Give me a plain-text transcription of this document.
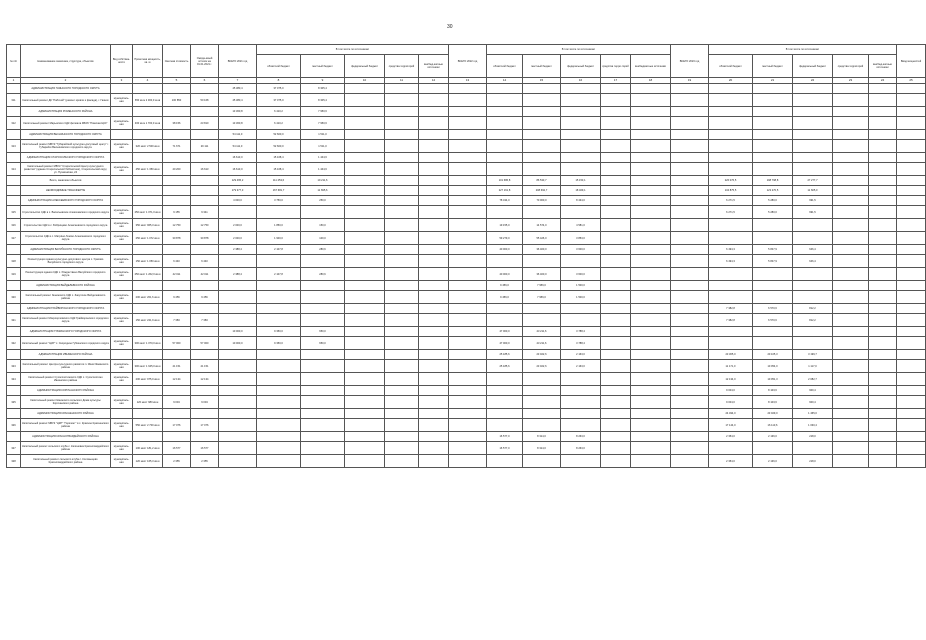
30
№ п/п	Наименование заказчика, структура, объектов	Вид собствен-ности	Проектная мощность, кв. м	Сметная стоимость	Ожида-емый остаток на 01.01.2021 г.	ВСЕГО 2021 год	В том числе по источникам:					ВСЕГО 2022 год	В том числе по источникам:					ВСЕГО 2023 год	В том числе по источникам:					Ввод мощностей	
							областной бюджет	местный бюджет	федеральный бюджет	средства территорий	внебюд-жетные источники		областной бюджет	местный бюджет	федеральный бюджет	средства терри-торий	внебюджетные источники		областной бюджет	местный бюджет	федеральный бюджет	средства территорий	внебюд-жетные источники		
1	2	3	4	5	6	7	8	9	10	11	12	13	14	15	16	17	18	19	20	21	22	23	24	25	
	АДМИНИСТРАЦИЯ ГАЯНСКОГО ГОРОДСКОГО ОКРУГА					45 380,4	37 075,0	8 305,4																	
311	Капитальный ремонт ДК "Рабочий" (ремонт кровли и фасада), г. Гаянск	муниципаль-ная	650 кв.м 2 300,0 м.кв	100 850	50 168	45 380,4	37 075,0	8 305,4																	
	АДМИНИСТРАЦИЯ РОМЕНСКОГО РАЙОНА					13 360,8	6 410,2	7 950,6																	
312	Капитальный ремонт Марьиского СДК филиала МБУК "Ромская ЦКС"	муниципаль-ная	460 кв.м 1 700,0 м.кв	38 156	23 810	13 360,8	6 410,2	7 950,6																	
	АДМИНИСТРАЦИЯ ВЕСНИНСКОГО ГОРОДСКОГО ОКРУГА					54 111,0	52 600,0	1 511,0																	
313	Капитальный ремонт МБУК "Губарейский культурно-досуговый центр" г. Губарейск Весниковского городского округа	муниципаль-ная	320 мест 2 500 кв.м	71 671	29 111	54 111,0	52 600,0	1 511,0																	
	АДМИНИСТРАЦИЯ СТАРОСОЛЬСКОГО ГОРОДСКОГО ОКРУГА					16 613,0	15 168,4	1 444,6																	
314	Капитальный ремонт МБУК "Старосольский Центр культурного развития" (здание Старосольской библиотеки), Старосольский округ, ул. Пушкинская, 24	муниципаль-ная	450 мест 1 350 кв.м	40 200	16 613	16 613,0	15 168,4	1 444,6																	
	Всего, заказчики объектов					129 465,2	111 253,6	19 211,6					101 686,8	86 533,7	15 153,1				226 076,5	198 798,8	27 277,7				
	НЕОБХОДИМЫЕ ТРАНСФЕРТЫ					179 377,3	167 681,7	11 695,6					227 161,8	208 692,7	18 469,1				134 875,5	123 270,5	11 605,0				
	АДМИНИСТРАЦИЯ АЛЕКСЕЕВСКОГО ГОРОДСКОГО ОКРУГА					4 000,0	3 750,0	250,0					78 434,0	70 000,0	8 434,0				6 271,5	5 280,0	991,5				
315	Строительство СДК в с. Васильевское Алексеевского городского округа	муниципаль-ная	250 мест 1 071,0 кв.м	9 155	9 341														6 271,5	5 280,0	991,5				
316	Строительство СДК в с. Бобрищево Алексеевского городского округа	муниципаль-ная	350 мест 965,3 кв.м	12 750	12 750	2 000,0	1 850,0	150,0					19 155,0	14 574,0	4 581,0										
317	Строительство СДК в с. Матрёно-Гезово Алексеевского городского округа	муниципаль-ная	250 мест 1 072 кв.м	30 878	30 878	2 000,0	1 900,0	100,0					59 279,0	55 426,0	3 853,0										
	АДМИНИСТРАЦИЯ ВАЛУЙСКОГО ГОРОДСКОГО ОКРУГА					2 388,4	2 107,8	280,6					40 000,0	36 400,0	3 600,0				6 494,3	5 847,9	646,4				
318	Реконструкция здания культурно-досугового центра с. Уразово Валуйского городского округа	муниципаль-ная	150 мест 1 050 кв.м	6 440	6 440														6 494,3	5 847,9	646,4				
319	Реконструкция здания СДК с. Рождествено Валуйского городского округа	муниципаль-ная	250 мест 1 262,0 кв.м	42 011	42 011	2 388,4	2 107,8	280,6					40 000,0	36 400,0	3 600,0										
	АДМИНИСТРАЦИЯ ВЕЙДЕЛЕВСКОГО РАЙОНА												9 456,0	7 956,0	1 500,0										
320	Капитальный ремонт Зенинского СДК с. Закутское Вейделевского района	муниципаль-ная	200 мест 201,6 кв.м	9 456	9 456								9 456,0	7 956,0	1 500,0										
	АДМИНИСТРАЦИЯ ГРАЙВОРОНСКОГО ГОРОДСКОГО ОКРУГА																		7 382,8	6 570,6	812,2				
321	Капитальный ремонт Мокроорловского СДК Грайворонского городского округа	муниципаль-ная	150 мест 221,9 кв.м	7 383	7 383														7 382,8	6 570,6	812,2				
	АДМИНИСТРАЦИЯ ГУБКИНСКОГО ГОРОДСКОГО ОКРУГА					10 000,0	9 350,0	650,0					47 000,0	43 211,6	3 788,4										
322	Капитальный ремонт "ЦКР" с. Скородное Губкинского городского округа	муниципаль-ная	300 мест 1 070,0 кв.м	57 000	57 000	10 000,0	9 350,0	650,0					47 000,0	43 211,6	3 788,4										
	АДМИНИСТРАЦИЯ ИВНЯНСКОГО РАЙОНА												25 185,6	23 022,6	2 163,0				23 305,0	20 105,3	3 199,7				
323	Капитальный ремонт Центра культурного развития п. Ивня Ивнянского района	муниципаль-ная	300 мест 1 645,0 кв.м	41 151	41 151								25 185,6	23 022,6	2 163,0				11 171,0	10 054,0	1 117,0				
324	Капитальный ремонт Сухосолотинского СДК с. Сухосолотино Ивнянского района	муниципаль-ная	200 мест 975,0 кв.м	12 134	12 134														12 134,0	10 051,3	2 082,7				
	АДМИНИСТРАЦИЯ КОРОЧАНСКОГО РАЙОНА																		9 004,0	8 103,6	900,4				
325	Капитальный ремонт Шеинского сельского Дома культуры Корочанского района	муниципаль-ная	120 мест 680 кв.м	9 004	9 004														9 004,0	8 103,6	900,4				
	АДМИНИСТРАЦИЯ КРАСНЕНСКОГО РАЙОНА																		24 494,0	23 029,0	1 465,0				
326	Капитальный ремонт МБУК "ЦКР" "Горизонт" в с. Красное Красненского района	муниципаль-ная	550 мест 2 700 кв.м	17 076	17 076														17 144,0	16 113,6	1 030,4				
	АДМИНИСТРАЦИЯ КРАСНОГВАРДЕЙСКОГО РАЙОНА												16 577,0	8 314,0	8 263,0				2 354,0	2 136,0	218,0				
327	Капитальный ремонт сельского клуба с. Калиновка Красногвардейского района	муниципаль-ная	100 мест 181,2 кв.м	16 577	16 577								16 577,0	8 314,0	8 263,0										
328	Капитальный ремонт сельского клуба с. Коломыцево Красногвардейского района	муниципаль-ная	120 мест 165,3 кв.м	2 355	2 355														2 354,0	2 136,0	218,0				
